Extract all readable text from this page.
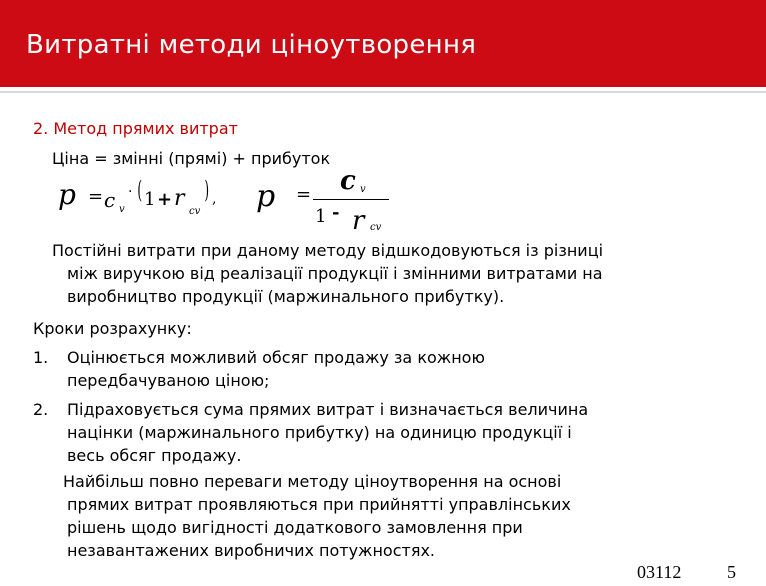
Витратні методи ціноутворення
2. Метод прямих витрат
Ціна = змінні (прямі) + прибуток
p = c v
· ( 1 + r
cv
) , p = c v
1 - r cv
Постійні витрати при даному методу відшкодовуються із різниці
між виручкою від реалізації продукції і змінними витратами на
виробництво продукції (маржинального прибутку).
Кроки розрахунку:
1. Оцінюється можливий обсяг продажу за кожною
передбачуваною ціною;
2. Підраховується сума прямих витрат і визначається величина
націнки (маржинального прибутку) на одиницю продукції і
весь обсяг продажу.
Найбільш повно переваги методу ціноутворення на основі
прямих витрат проявляються при прийнятті управлінських
рішень щодо вигідності додаткового замовлення при
незавантажених виробничих потужностях.
03112	5
